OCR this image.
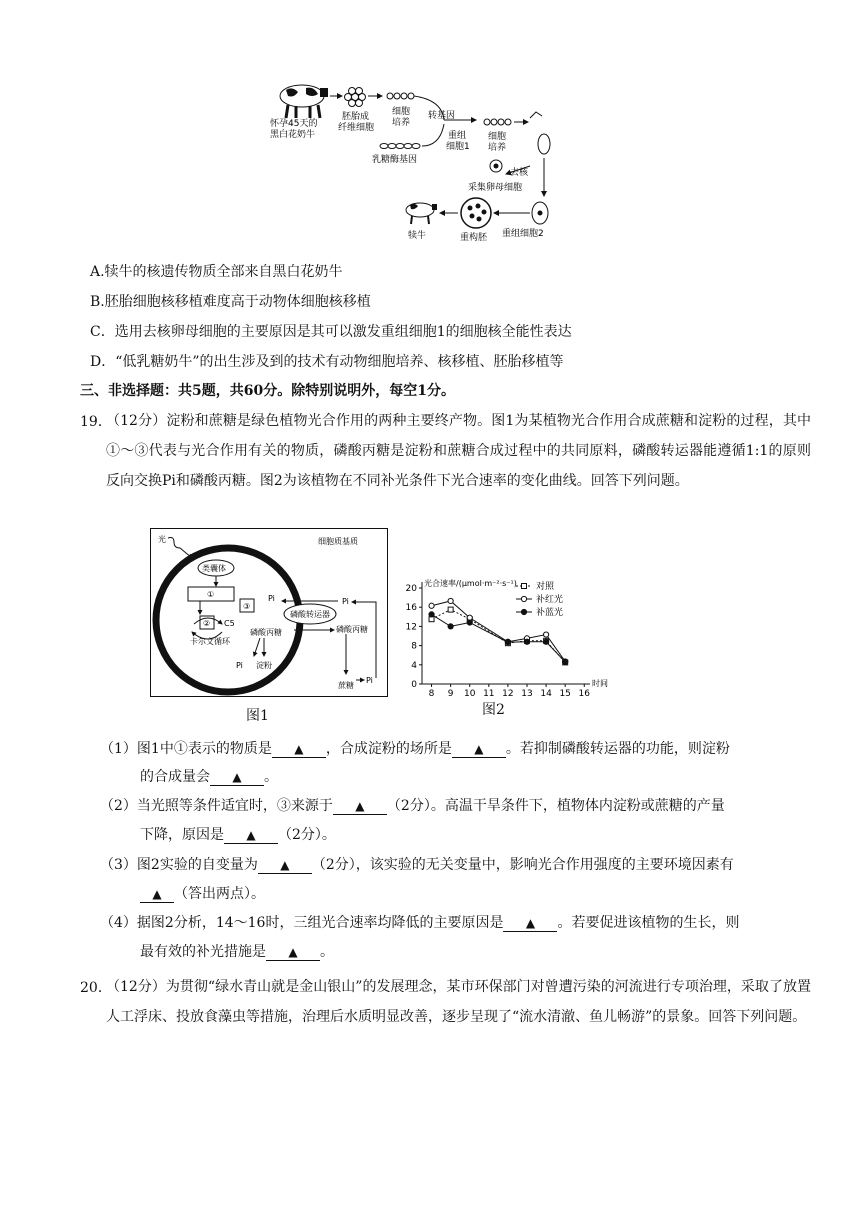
怀孕45天的
黑白花奶牛
胚胎成
纤维细胞
细胞
培养
转基因
乳糖酶基因
重组
细胞1
细胞
培养
去核
采集卵母细胞
重组细胞2
重构胚
犊牛
A.犊牛的核遗传物质全部来自黑白花奶牛
B.胚胎细胞核移植难度高于动物体细胞核移植
C．选用去核卵母细胞的主要原因是其可以激发重组细胞1的细胞核全能性表达
D．“低乳糖奶牛”的出生涉及到的技术有动物细胞培养、核移植、胚胎移植等
三、非选择题：共5题，共60分。除特别说明外，每空1分。
19．
（12分）淀粉和蔗糖是绿色植物光合作用的两种主要终产物。图1为某植物光合作用合成蔗糖和淀粉的过程，其中①～③代表与光合作用有关的物质，磷酸丙糖是淀粉和蔗糖合成过程中的共同原料，磷酸转运器能遵循1:1的原则反向交换Pi和磷酸丙糖。图2为该植物在不同补光条件下光合速率的变化曲线。回答下列问题。
细胞质基质
光
类囊体
①
③
② C5
卡尔文循环
磷酸丙糖
Pi 淀粉
Pi	Pi
磷酸转运器
磷酸丙糖
蔗糖
Pi
图1
光合速率/(μmol·m⁻²·s⁻¹)
时间
0
4
8
12
16
20
8 9 10 11 12 13 14 15 16
对照
补红光
补蓝光
图2
（1）图1中①表示的物质是 ▲ ，合成淀粉的场所是 ▲ 。若抑制磷酸转运器的功能，则淀粉
的合成量会 ▲ 。
（2）当光照等条件适宜时，③来源于 ▲ （2分）。高温干旱条件下，植物体内淀粉或蔗糖的产量
下降，原因是 ▲ （2分）。
（3）图2实验的自变量为 ▲ （2分），该实验的无关变量中，影响光合作用强度的主要环境因素有
▲ （答出两点）。
（4）据图2分析，14～16时，三组光合速率均降低的主要原因是 ▲ 。若要促进该植物的生长，则
最有效的补光措施是 ▲ 。
20．
（12分）为贯彻“绿水青山就是金山银山”的发展理念，某市环保部门对曾遭污染的河流进行专项治理，采取了放置人工浮床、投放食藻虫等措施，治理后水质明显改善，逐步呈现了“流水清澈、鱼儿畅游”的景象。回答下列问题。
